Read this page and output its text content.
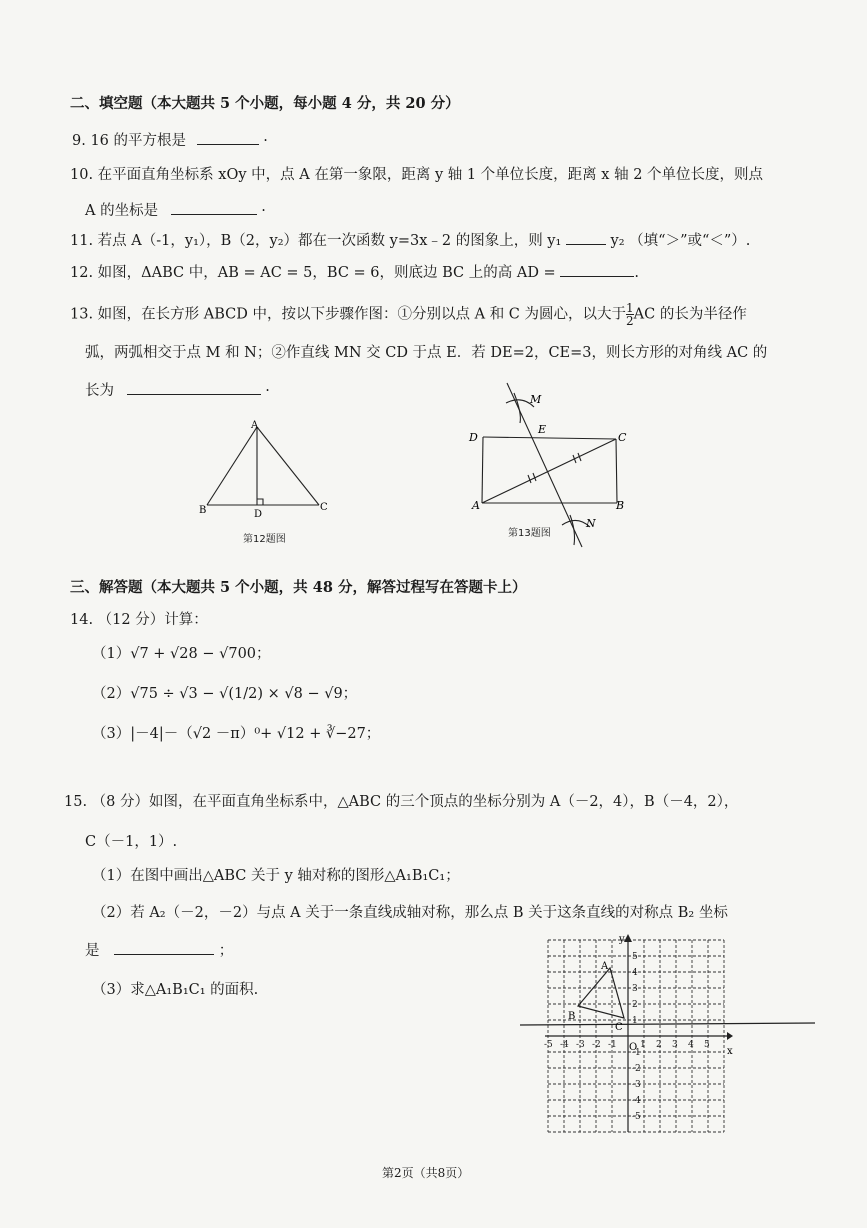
二、填空题（本大题共 5 个小题，每小题 4 分，共 20 分）
9. 16 的平方根是	·
10. 在平面直角坐标系 xOy 中，点 A 在第一象限，距离 y 轴 1 个单位长度，距离 x 轴 2 个单位长度，则点
A 的坐标是	·
11. 若点 A（-1，y₁），B（2，y₂）都在一次函数 y=3x﹣2 的图象上，则 y₁	y₂ （填“＞”或“＜”）.
12. 如图，ΔABC 中，AB = AC = 5，BC = 6，则底边 BC 上的高 AD =	.
13. 如图，在长方形 ABCD 中，按以下步骤作图：①分别以点 A 和 C 为圆心，以大于 $\frac{1}{2}$ AC 的长为半径作
弧，两弧相交于点 M 和 N；②作直线 MN 交 CD 于点 E．若 DE=2，CE=3，则长方形的对角线 AC 的
长为	·
A
B	C
D
第12题图
D	C
A	B
E
M
N
第13题图
三、解答题（本大题共 5 个小题，共 48 分，解答过程写在答题卡上）
14. （12 分）计算：
（1）√7 + √28 − √700；
（2）√75 ÷ √3 − √(1/2) × √8 − √9；
（3）|－4|－（√2 －π）⁰+ √12 + ∛−27；
15. （8 分）如图，在平面直角坐标系中，△ABC 的三个顶点的坐标分别为 A（－2，4），B（－4，2），
C（－1，1）.
（1）在图中画出△ABC 关于 y 轴对称的图形△A₁B₁C₁；
（2）若 A₂（－2，－2）与点 A 关于一条直线成轴对称，那么点 B 关于这条直线的对称点 B₂ 坐标
是	；
（3）求△A₁B₁C₁ 的面积.
-5 -4 -3 -2 -1	1 2 3 4 5
5
4
3
2
1
-1
-2
-3
-4
-5
x
y
O
A
B
C
第2页（共8页）
